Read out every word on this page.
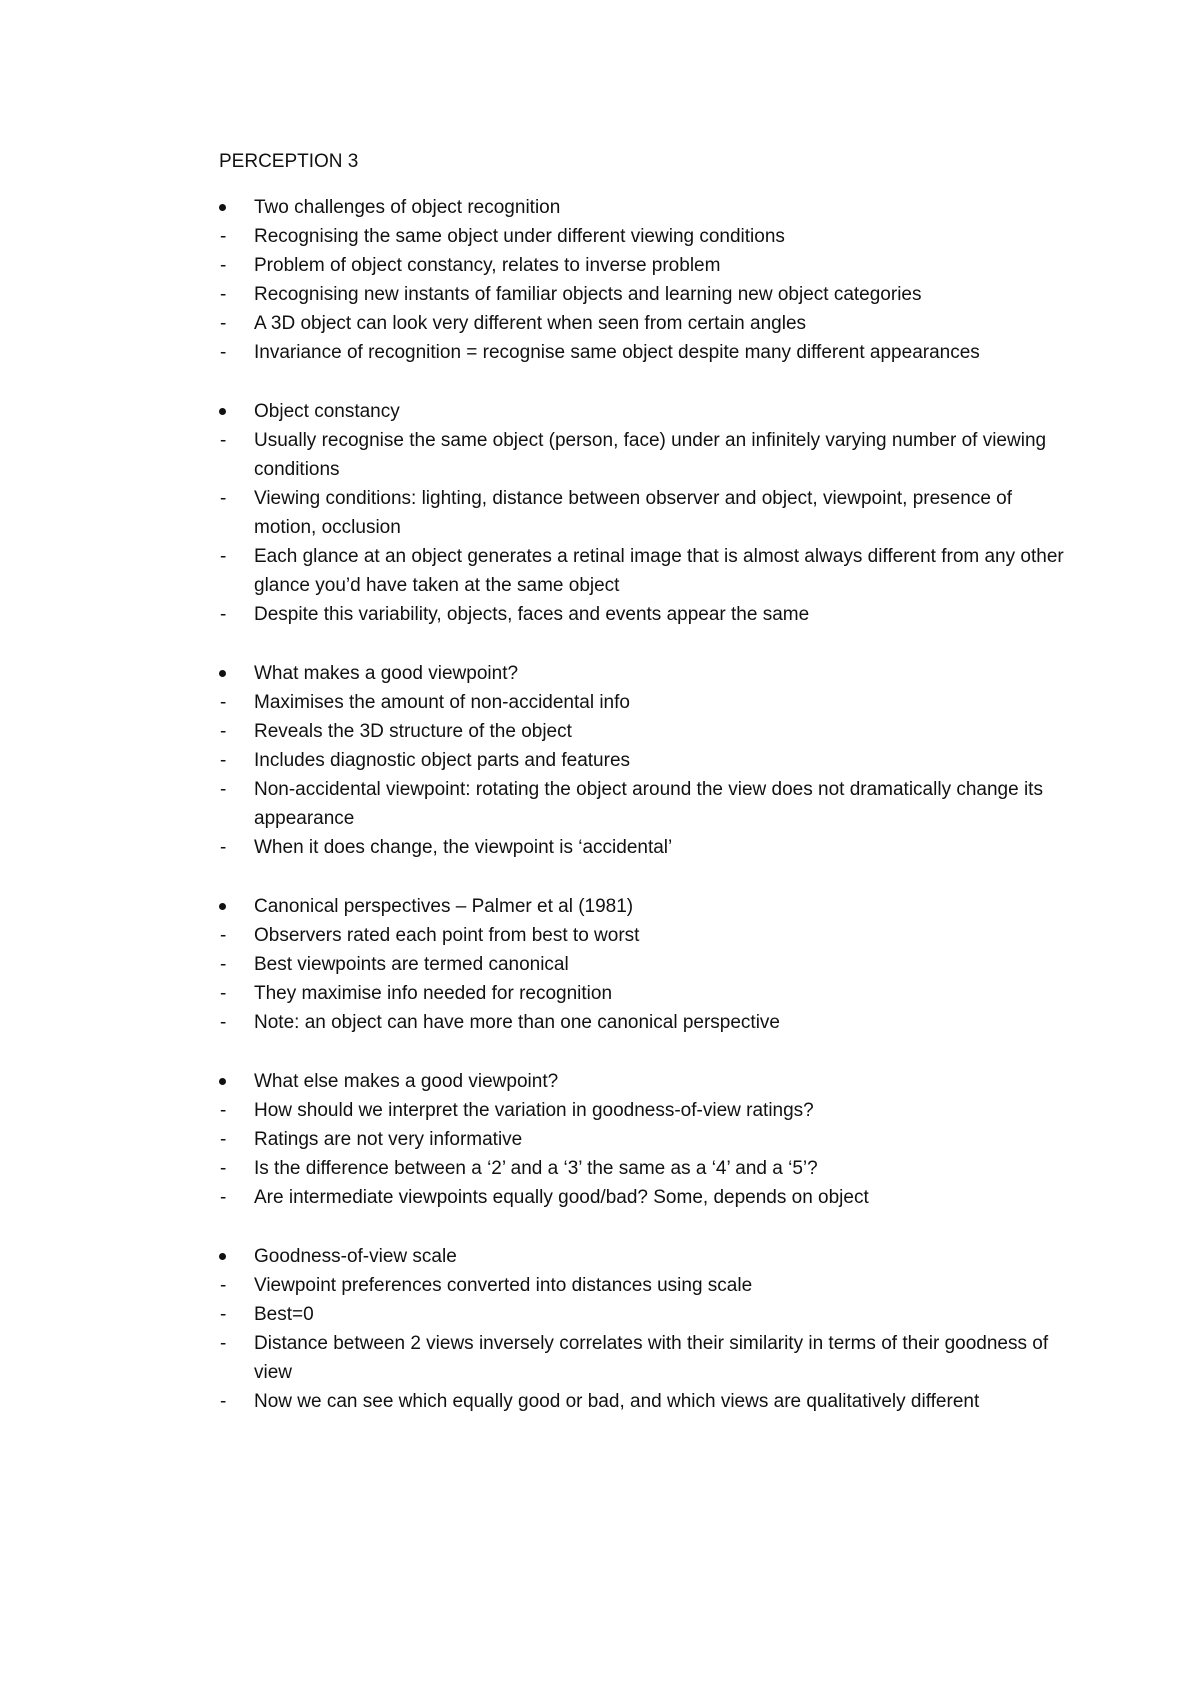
PERCEPTION 3

Two challenges of object recognition

- Recognising the same object under different viewing conditions

- Problem of object constancy, relates to inverse problem

- Recognising new instants of familiar objects and learning new object categories

- A 3D object can look very different when seen from certain angles

- Invariance of recognition = recognise same object despite many different appearances

Object constancy

- Usually recognise the same object (person, face) under an infinitely varying number of viewing conditions

- Viewing conditions: lighting, distance between observer and object, viewpoint, presence of motion, occlusion

- Each glance at an object generates a retinal image that is almost always different from any other glance you’d have taken at the same object

- Despite this variability, objects, faces and events appear the same

What makes a good viewpoint?

- Maximises the amount of non-accidental info

- Reveals the 3D structure of the object

- Includes diagnostic object parts and features

- Non-accidental viewpoint: rotating the object around the view does not dramatically change its appearance

- When it does change, the viewpoint is ‘accidental’

Canonical perspectives – Palmer et al (1981)

- Observers rated each point from best to worst

- Best viewpoints are termed canonical

- They maximise info needed for recognition

- Note: an object can have more than one canonical perspective

What else makes a good viewpoint?

- How should we interpret the variation in goodness-of-view ratings?

- Ratings are not very informative

- Is the difference between a ‘2’ and a ‘3’ the same as a ‘4’ and a ‘5’?

- Are intermediate viewpoints equally good/bad? Some, depends on object

Goodness-of-view scale

- Viewpoint preferences converted into distances using scale

- Best=0

- Distance between 2 views inversely correlates with their similarity in terms of their goodness of view

- Now we can see which equally good or bad, and which views are qualitatively different
